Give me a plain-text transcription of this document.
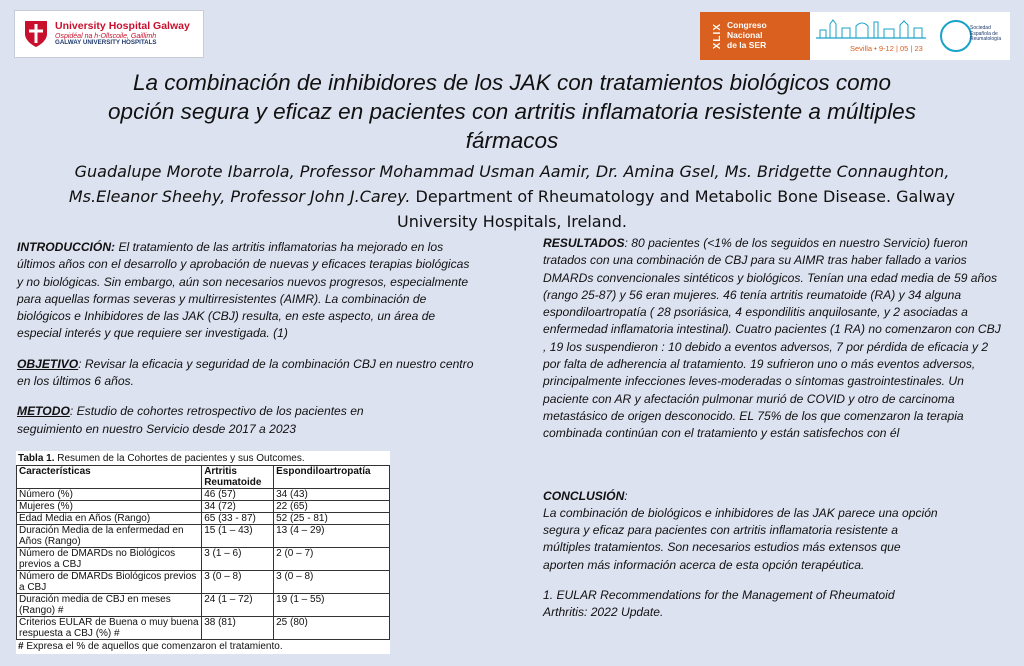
University Hospital Galway
Ospidéal na h-Ollscoile, Gaillimh
GALWAY UNIVERSITY HOSPITALS	XLIX Congreso
Nacional
de la SER	Sevilla • 9-12 | 05 | 23
Sociedad Española de Reumatología
La combinación de inhibidores de los JAK con tratamientos biológicos como opción segura y eficaz en pacientes con artritis inflamatoria resistente a múltiples fármacos
Guadalupe Morote Ibarrola, Professor Mohammad Usman Aamir, Dr. Amina Gsel, Ms. Bridgette Connaughton, Ms.Eleanor Sheehy, Professor John J.Carey. Department of Rheumatology and Metabolic Bone Disease. Galway University Hospitals, Ireland.

INTRODUCCIÓN: El tratamiento de las artritis inflamatorias ha mejorado en los últimos años con el desarrollo y aprobación de nuevas y eficaces terapias biológicas y no biológicas. Sin embargo, aún son necesarios nuevos progresos, especialmente para aquellas formas severas y multirresistentes (AIMR). La combinación de biológicos e Inhibidores de las JAK (CBJ) resulta, en este aspecto, un área de especial interés y que requiere ser investigada. (1)

OBJETIVO: Revisar la eficacia y seguridad de la combinación CBJ en nuestro centro en los últimos 6 años.

METODO: Estudio de cohortes retrospectivo de los pacientes en seguimiento en nuestro Servicio desde 2017 a 2023

Tabla 1. Resumen de la Cohortes de pacientes y sus Outcomes.
Características	Artritis Reumatoide	Espondiloartropatía
Número (%)	46 (57)	34 (43)
Mujeres (%)	34 (72)	22 (65)
Edad Media en Años (Rango)	65 (33 - 87)	52 (25 - 81)
Duración Media de la enfermedad en Años (Rango)	15 (1 – 43)	13 (4 – 29)
Número de DMARDs no Biológicos previos a CBJ	3 (1 – 6)	2 (0 – 7)
Número de DMARDs Biológicos previos a CBJ	3 (0 – 8)	3 (0 – 8)
Duración media de CBJ en meses (Rango) #	24 (1 – 72)	19 (1 – 55)
Criterios EULAR de Buena o muy buena respuesta a CBJ (%) #	38 (81)	25 (80)
# Expresa el % de aquellos que comenzaron el tratamiento.

RESULTADOS: 80 pacientes (<1% de los seguidos en nuestro Servicio) fueron tratados con una combinación de CBJ para su AIMR tras haber fallado a varios DMARDs convencionales sintéticos y biológicos. Tenían una edad media de 59 años (rango 25-87) y 56 eran mujeres. 46 tenía artritis reumatoide (RA) y 34 alguna espondiloartropatía ( 28 psoriásica, 4 espondilitis anquilosante, y 2 asociadas a enfermedad inflamatoria intestinal). Cuatro pacientes (1 RA) no comenzaron con CBJ , 19 los suspendieron : 10 debido a eventos adversos, 7 por pérdida de eficacia y 2 por falta de adherencia al tratamiento. 19 sufrieron uno o más eventos adversos, principalmente infecciones leves-moderadas o síntomas gastrointestinales. Un paciente con AR y afectación pulmonar murió de COVID y otro de carcinoma metastásico de origen desconocido. EL 75% de los que comenzaron la terapia combinada continúan con el tratamiento y están satisfechos con él

CONCLUSIÓN:
La combinación de biológicos e inhibidores de las JAK parece una opción segura y eficaz para pacientes con artritis inflamatoria resistente a múltiples tratamientos. Son necesarios estudios más extensos que aporten más información acerca de esta opción terapéutica.

1. EULAR Recommendations for the Management of Rheumatoid Arthritis: 2022 Update.
